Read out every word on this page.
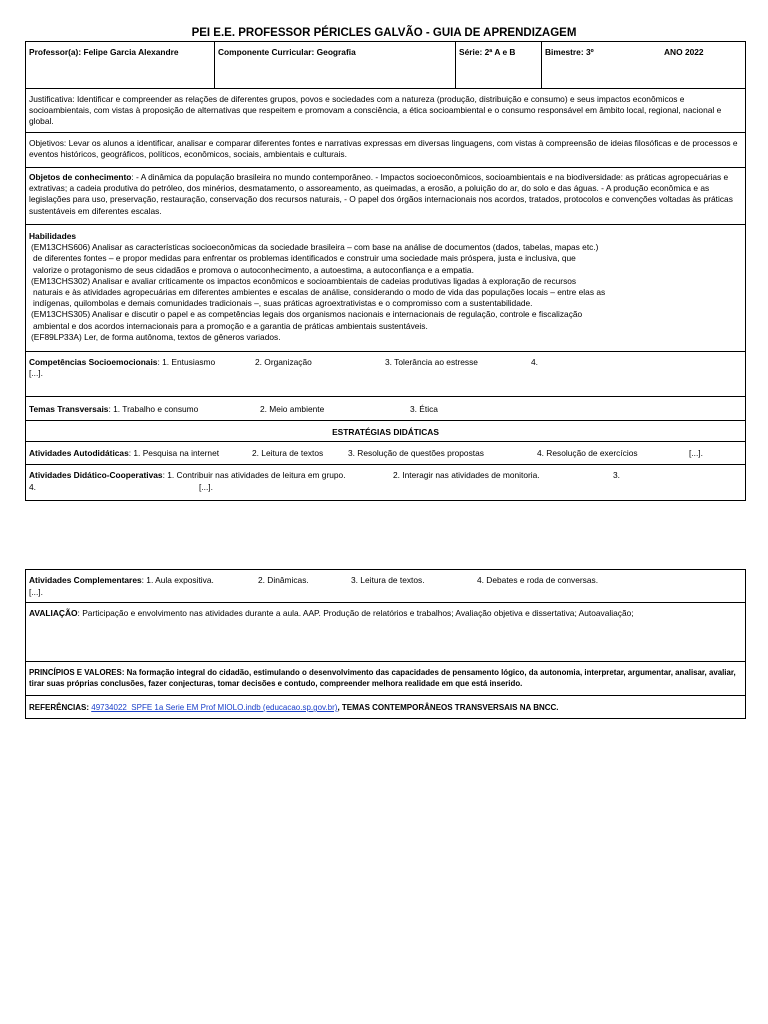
PEI E.E. PROFESSOR PÉRICLES GALVÃO - GUIA DE APRENDIZAGEM
Professor(a): Felipe Garcia Alexandre	Componente Curricular: Geografia	Série: 2ª A e B	Bimestre: 3º	ANO 2022
Justificativa: Identificar e compreender as relações de diferentes grupos, povos e sociedades com a natureza (produção, distribuição e consumo) e seus impactos econômicos e socioambientais, com vistas à proposição de alternativas que respeitem e promovam a consciência, a ética socioambiental e o consumo responsável em âmbito local, regional, nacional e global.
Objetivos: Levar os alunos a identificar, analisar e comparar diferentes fontes e narrativas expressas em diversas linguagens, com vistas à compreensão de ideias filosóficas e de processos e eventos históricos, geográficos, políticos, econômicos, sociais, ambientais e culturais.
Objetos de conhecimento: - A dinâmica da população brasileira no mundo contemporâneo. - Impactos socioeconômicos, socioambientais e na biodiversidade: as práticas agropecuárias e extrativas; a cadeia produtiva do petróleo, dos minérios, desmatamento, o assoreamento, as queimadas, a erosão, a poluição do ar, do solo e das águas. - A produção econômica e as legislações para uso, preservação, restauração, conservação dos recursos naturais, - O papel dos órgãos internacionais nos acordos, tratados, protocolos e convenções voltadas às práticas sustentáveis em diferentes escalas.
Habilidades
(EM13CHS606) Analisar as características socioeconômicas da sociedade brasileira – com base na análise de documentos (dados, tabelas, mapas etc.)
de diferentes fontes – e propor medidas para enfrentar os problemas identificados e construir uma sociedade mais próspera, justa e inclusiva, que
valorize o protagonismo de seus cidadãos e promova o autoconhecimento, a autoestima, a autoconfiança e a empatia.
(EM13CHS302) Analisar e avaliar criticamente os impactos econômicos e socioambientais de cadeias produtivas ligadas à exploração de recursos
naturais e às atividades agropecuárias em diferentes ambientes e escalas de análise, considerando o modo de vida das populações locais – entre elas as
indígenas, quilombolas e demais comunidades tradicionais –, suas práticas agroextrativistas e o compromisso com a sustentabilidade.
(EM13CHS305) Analisar e discutir o papel e as competências legais dos organismos nacionais e internacionais de regulação, controle e fiscalização
ambiental e dos acordos internacionais para a promoção e a garantia de práticas ambientais sustentáveis.
(EF89LP33A) Ler, de forma autônoma, textos de gêneros variados.
Competências Socioemocionais: 1. Entusiasmo	2. Organização	3. Tolerância ao estresse	4.
[...].
Temas Transversais: 1. Trabalho e consumo	2. Meio ambiente	3. Ética
ESTRATÉGIAS DIDÁTICAS
Atividades Autodidáticas: 1. Pesquisa na internet	2. Leitura de textos	3. Resolução de questões propostas	4. Resolução de exercícios	[...].
Atividades Didático-Cooperativas: 1. Contribuir nas atividades de leitura em grupo.	2. Interagir nas atividades de monitoria.	3.
4.	[...].
Atividades Complementares: 1. Aula expositiva.	2. Dinâmicas.	3. Leitura de textos.	4. Debates e roda de conversas.
[...].
AVALIAÇÃO: Participação e envolvimento nas atividades durante a aula. AAP. Produção de relatórios e trabalhos; Avaliação objetiva e dissertativa; Autoavaliação;
PRINCÍPIOS E VALORES: Na formação integral do cidadão, estimulando o desenvolvimento das capacidades de pensamento lógico, da autonomia, interpretar, argumentar, analisar, avaliar, tirar suas próprias conclusões, fazer conjecturas, tomar decisões e contudo, compreender melhora realidade em que está inserido.
REFERÊNCIAS: 49734022_SPFE 1a Serie EM Prof MIOLO.indb (educacao.sp.gov.br), TEMAS CONTEMPORÂNEOS TRANSVERSAIS NA BNCC.
